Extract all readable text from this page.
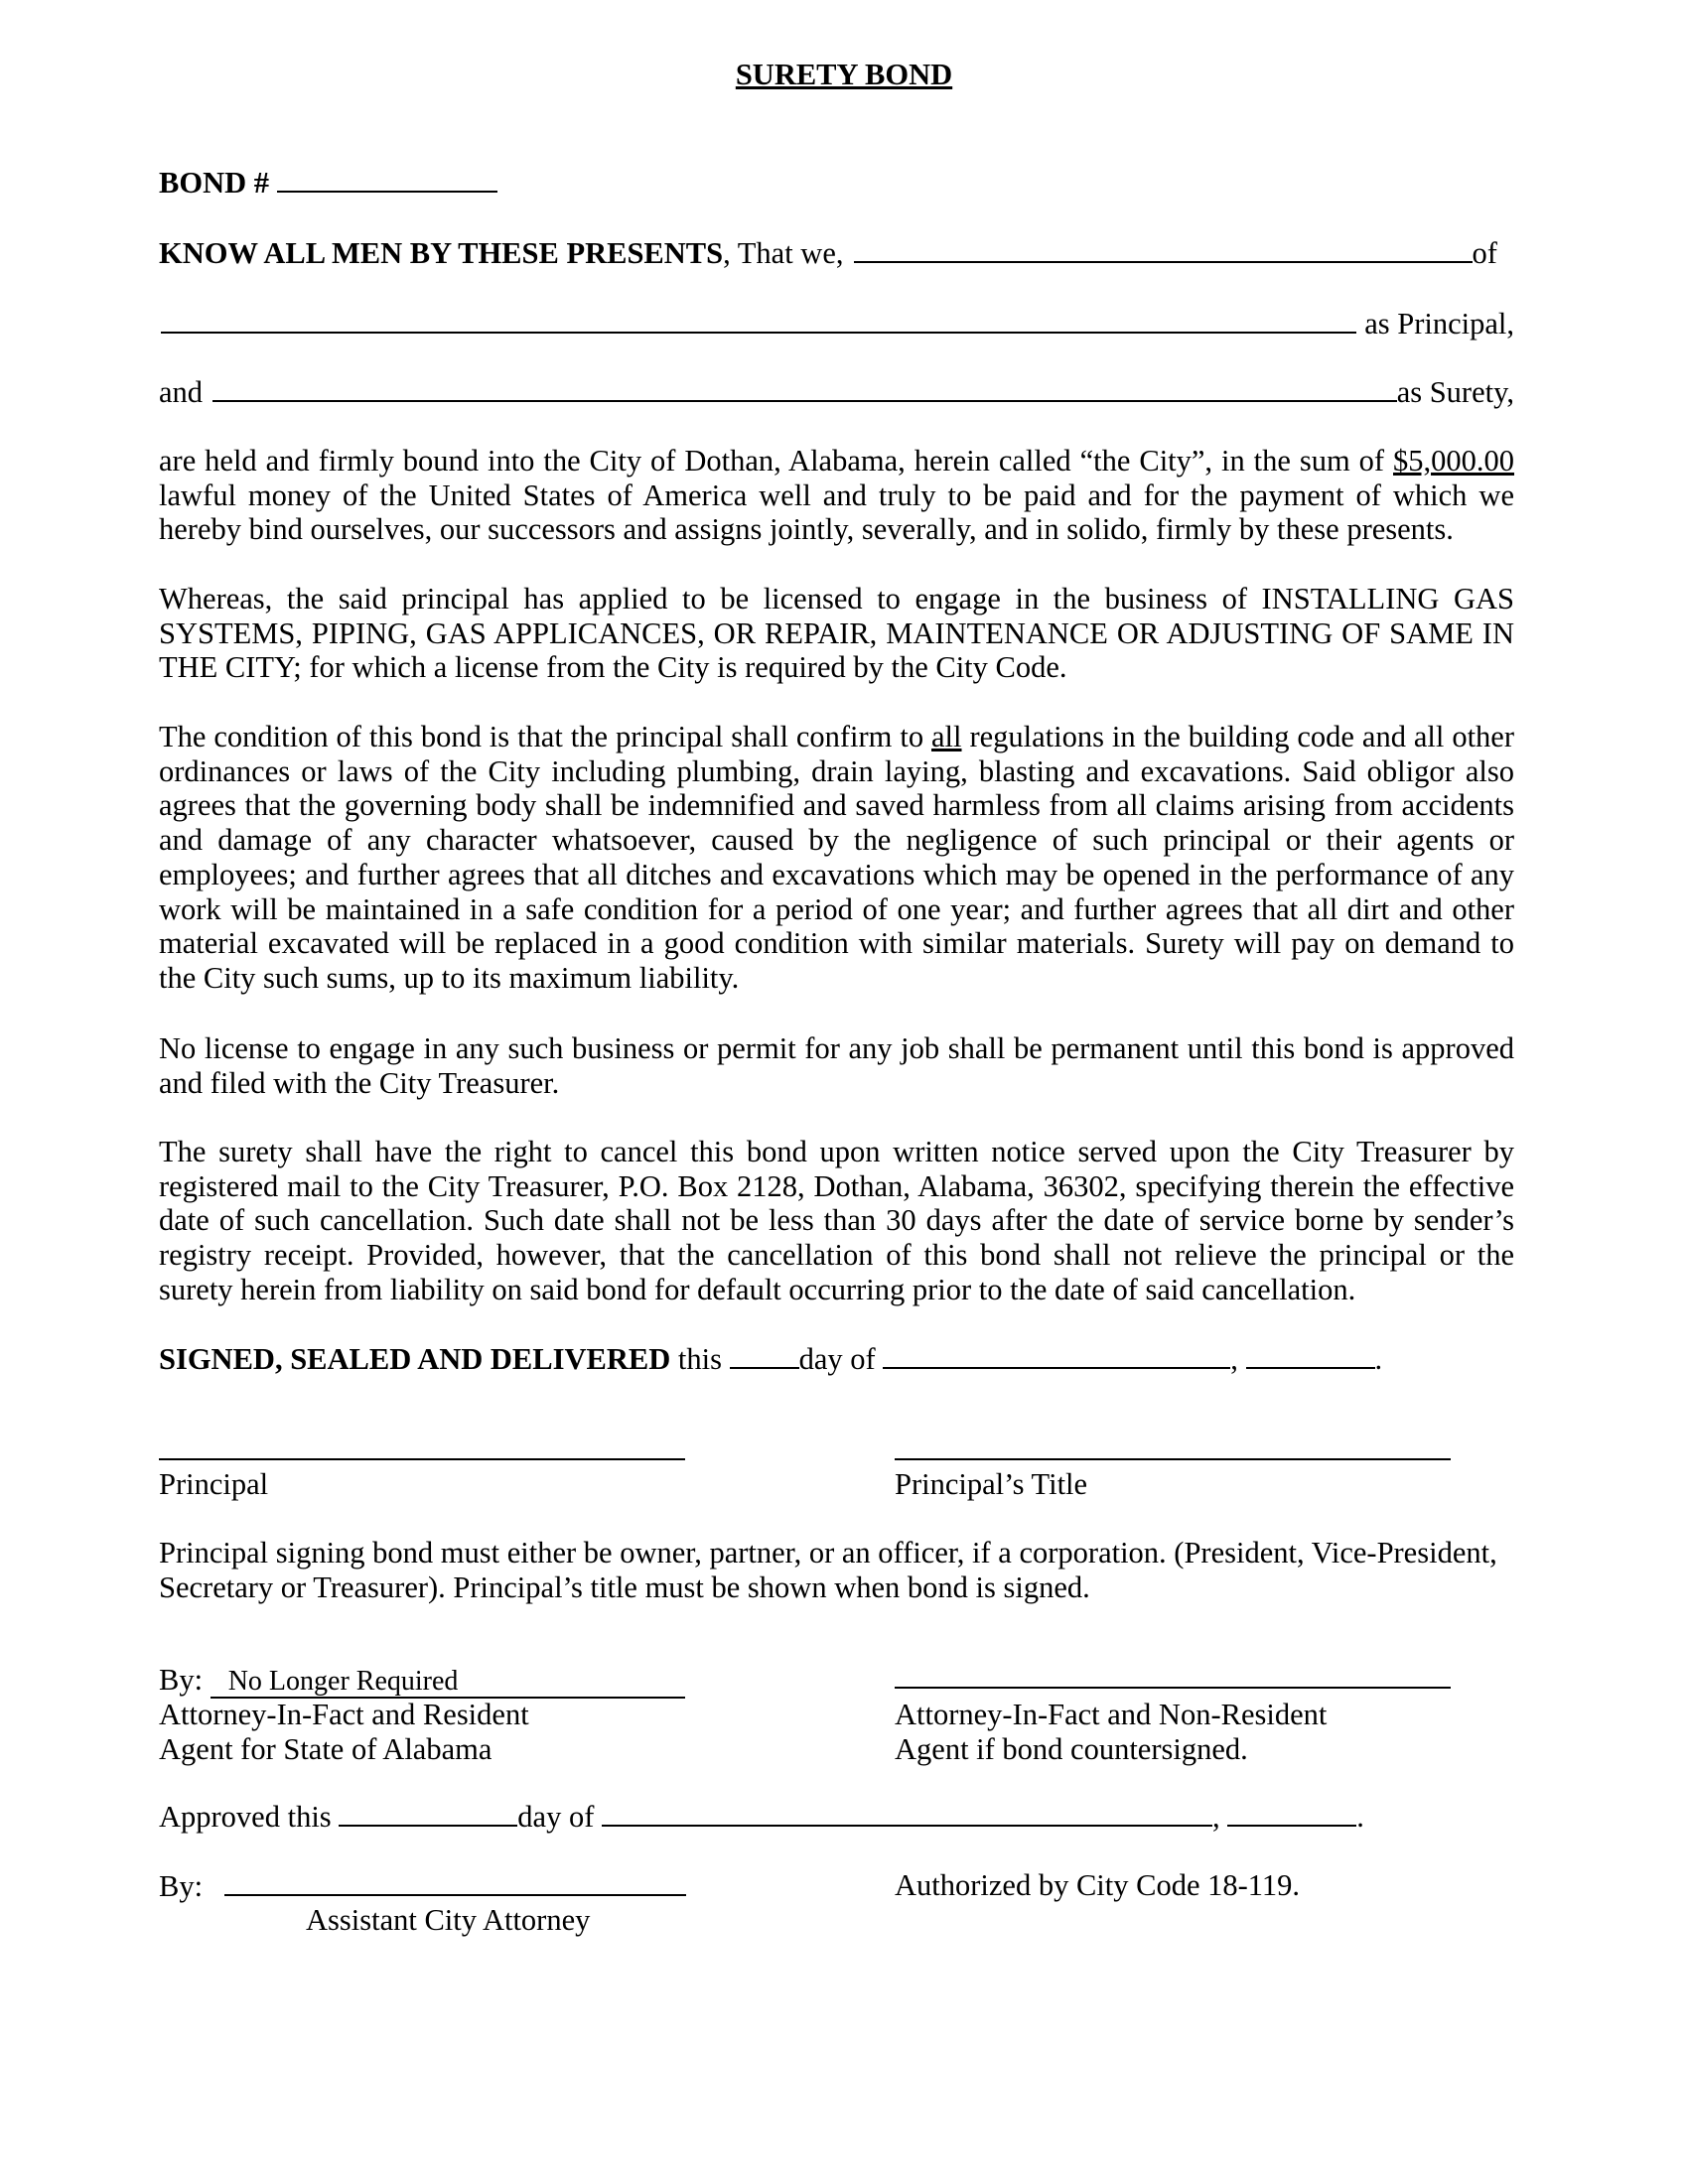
SURETY BOND
BOND #
KNOW ALL MEN BY THESE PRESENTS , That we,	of
as Principal,
and	as Surety,
are held and firmly bound into the City of Dothan, Alabama, herein called “the City”, in the sum of $5,000.00 lawful money of the United States of America well and truly to be paid and for the payment of which we hereby bind ourselves, our successors and assigns jointly, severally, and in solido, firmly by these presents.
Whereas, the said principal has applied to be licensed to engage in the business of INSTALLING GAS SYSTEMS, PIPING, GAS APPLICANCES, OR REPAIR, MAINTENANCE OR ADJUSTING OF SAME IN THE CITY; for which a license from the City is required by the City Code.
The condition of this bond is that the principal shall confirm to all regulations in the building code and all other ordinances or laws of the City including plumbing, drain laying, blasting and excavations. Said obligor also agrees that the governing body shall be indemnified and saved harmless from all claims arising from accidents and damage of any character whatsoever, caused by the negligence of such principal or their agents or employees; and further agrees that all ditches and excavations which may be opened in the performance of any work will be maintained in a safe condition for a period of one year; and further agrees that all dirt and other material excavated will be replaced in a good condition with similar materials. Surety will pay on demand to the City such sums, up to its maximum liability.
No license to engage in any such business or permit for any job shall be permanent until this bond is approved and filed with the City Treasurer.
The surety shall have the right to cancel this bond upon written notice served upon the City Treasurer by registered mail to the City Treasurer, P.O. Box 2128, Dothan, Alabama, 36302, specifying therein the effective date of such cancellation. Such date shall not be less than 30 days after the date of service borne by sender’s registry receipt. Provided, however, that the cancellation of this bond shall not relieve the principal or the surety herein from liability on said bond for default occurring prior to the date of said cancellation.
SIGNED, SEALED AND DELIVERED this day of	,	.
Principal	Principal’s Title
Principal signing bond must either be owner, partner, or an officer, if a corporation. (President, Vice-President, Secretary or Treasurer). Principal’s title must be shown when bond is signed.
By: No Longer Required
Attorney-In-Fact and Resident
Agent for State of Alabama
Attorney-In-Fact and Non-Resident
Agent if bond countersigned.
Approved this	day of	,	.
By:
Assistant City Attorney
Authorized by City Code 18-119.
